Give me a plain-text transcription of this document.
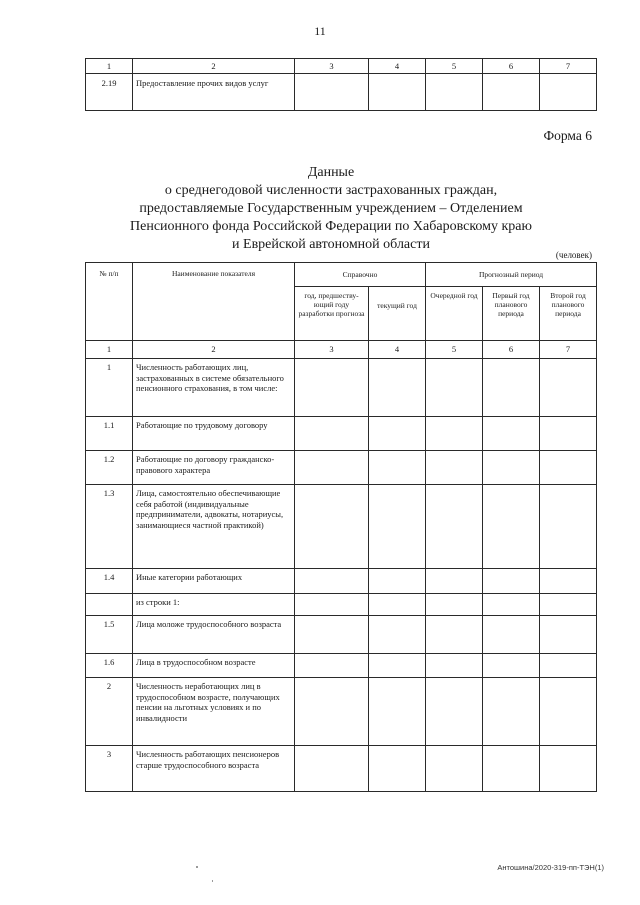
11
1	2	3	4	5	6	7
2.19	Предоставление прочих видов услуг					
Форма 6
Данные
о среднегодовой численности застрахованных граждан,
предоставляемые Государственным учреждением – Отделением
Пенсионного фонда Российской Федерации по Хабаровскому краю
и Еврейской автономной области
(человек)
№ п/п	Наименование показателя	Справочно		Прогнозный период		
		год, предшеству- ющий году разработки прогноза	текущий год	Очередной год	Первый год планового периода	Второй год планового периода
1	2	3	4	5	6	7
1	Численность работающих лиц, застрахованных в системе обязательного пенсионного страхования, в том числе:					
1.1	Работающие по трудовому договору					
1.2	Работающие по договору гражданско-правового характера					
1.3	Лица, самостоятельно обеспечивающие себя работой (индивидуальные предприниматели, адвокаты, нотариусы, занимающиеся частной практикой)					
1.4	Иные категории работающих					
	из строки 1:					
1.5	Лица моложе трудоспособного возраста					
1.6	Лица в трудоспособном возрасте					
2	Численность неработающих лиц в трудоспособном возрасте, получающих пенсии на льготных условиях и по инвалидности					
3	Численность работающих пенсионеров старше трудоспособного возраста					
Антошина/2020-319-пп-ТЭН(1)
